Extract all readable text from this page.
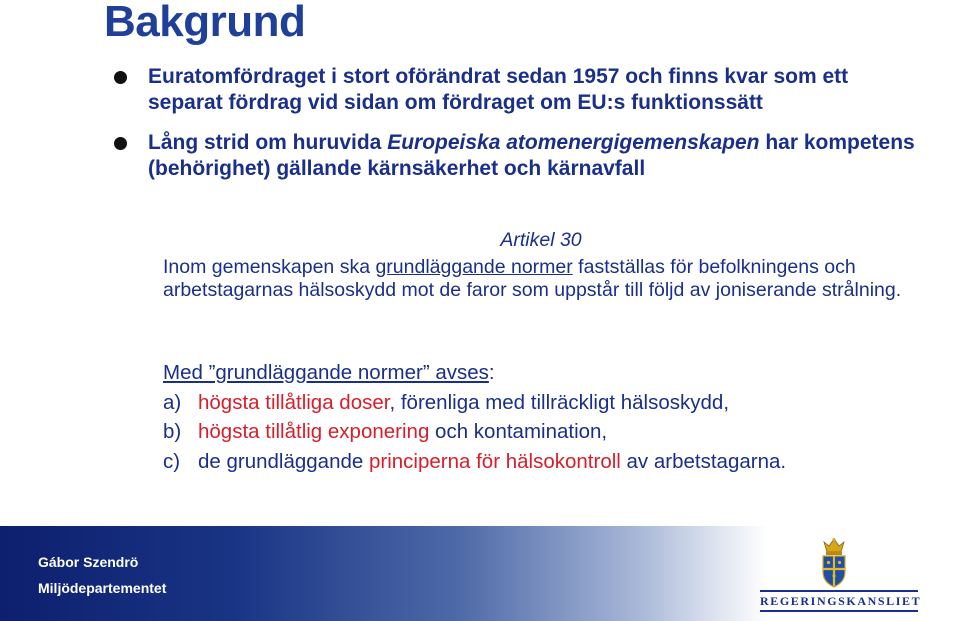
Bakgrund
Euratomfördraget i stort oförändrat sedan 1957 och finns kvar som ett separat fördrag vid sidan om fördraget om EU:s funktionssätt
Lång strid om huruvida Europeiska atomenergigemenskapen har kompetens (behörighet) gällande kärnsäkerhet och kärnavfall
Artikel 30
Inom gemenskapen ska grundläggande normer fastställas för befolkningens och arbetstagarnas hälsoskydd mot de faror som uppstår till följd av joniserande strålning.
Med ”grundläggande normer” avses:
a) högsta tillåtliga doser, förenliga med tillräckligt hälsoskydd,
b) högsta tillåtlig exponering och kontamination,
c) de grundläggande principerna för hälsokontroll av arbetstagarna.
Gábor Szendrö
Miljödepartementet
REGERINGSKANSLIET
